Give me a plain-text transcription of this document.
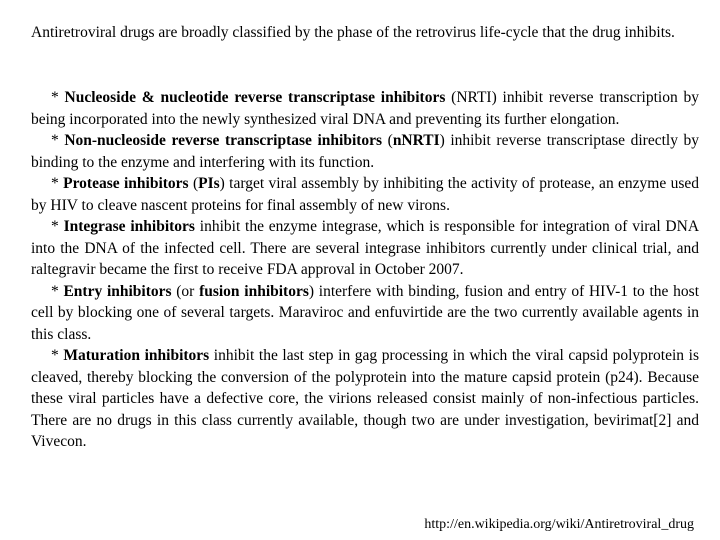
Antiretroviral drugs are broadly classified by the phase of the retrovirus life-cycle that the drug inhibits.

* Nucleoside & nucleotide reverse transcriptase inhibitors (NRTI) inhibit reverse transcription by being incorporated into the newly synthesized viral DNA and preventing its further elongation.

* Non-nucleoside reverse transcriptase inhibitors (nNRTI) inhibit reverse transcriptase directly by binding to the enzyme and interfering with its function.

* Protease inhibitors (PIs) target viral assembly by inhibiting the activity of protease, an enzyme used by HIV to cleave nascent proteins for final assembly of new virons.

* Integrase inhibitors inhibit the enzyme integrase, which is responsible for integration of viral DNA into the DNA of the infected cell. There are several integrase inhibitors currently under clinical trial, and raltegravir became the first to receive FDA approval in October 2007.

* Entry inhibitors (or fusion inhibitors) interfere with binding, fusion and entry of HIV-1 to the host cell by blocking one of several targets. Maraviroc and enfuvirtide are the two currently available agents in this class.

* Maturation inhibitors inhibit the last step in gag processing in which the viral capsid polyprotein is cleaved, thereby blocking the conversion of the polyprotein into the mature capsid protein (p24). Because these viral particles have a defective core, the virions released consist mainly of non-infectious particles. There are no drugs in this class currently available, though two are under investigation, bevirimat[2] and Vivecon.

http://en.wikipedia.org/wiki/Antiretroviral_drug
